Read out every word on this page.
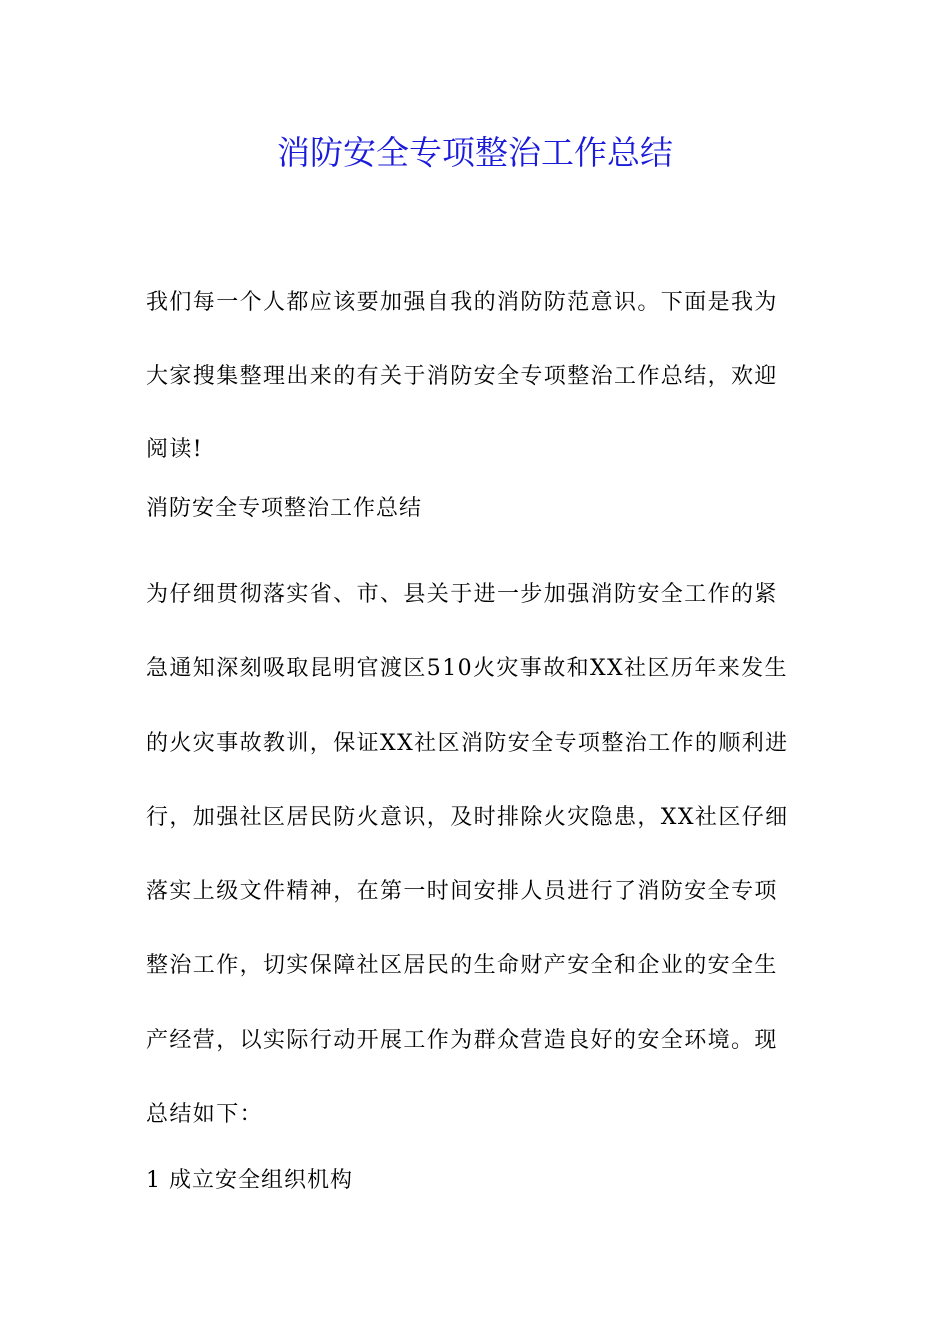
消防安全专项整治工作总结
我们每一个人都应该要加强自我的消防防范意识。下面是我为
大家搜集整理出来的有关于消防安全专项整治工作总结，欢迎
阅读!
消防安全专项整治工作总结
为仔细贯彻落实省、市、县关于进一步加强消防安全工作的紧
急通知深刻吸取昆明官渡区510火灾事故和XX社区历年来发生
的火灾事故教训，保证XX社区消防安全专项整治工作的顺利进
行，加强社区居民防火意识，及时排除火灾隐患，XX社区仔细
落实上级文件精神，在第一时间安排人员进行了消防安全专项
整治工作，切实保障社区居民的生命财产安全和企业的安全生
产经营，以实际行动开展工作为群众营造良好的安全环境。现
总结如下：
1 成立安全组织机构
